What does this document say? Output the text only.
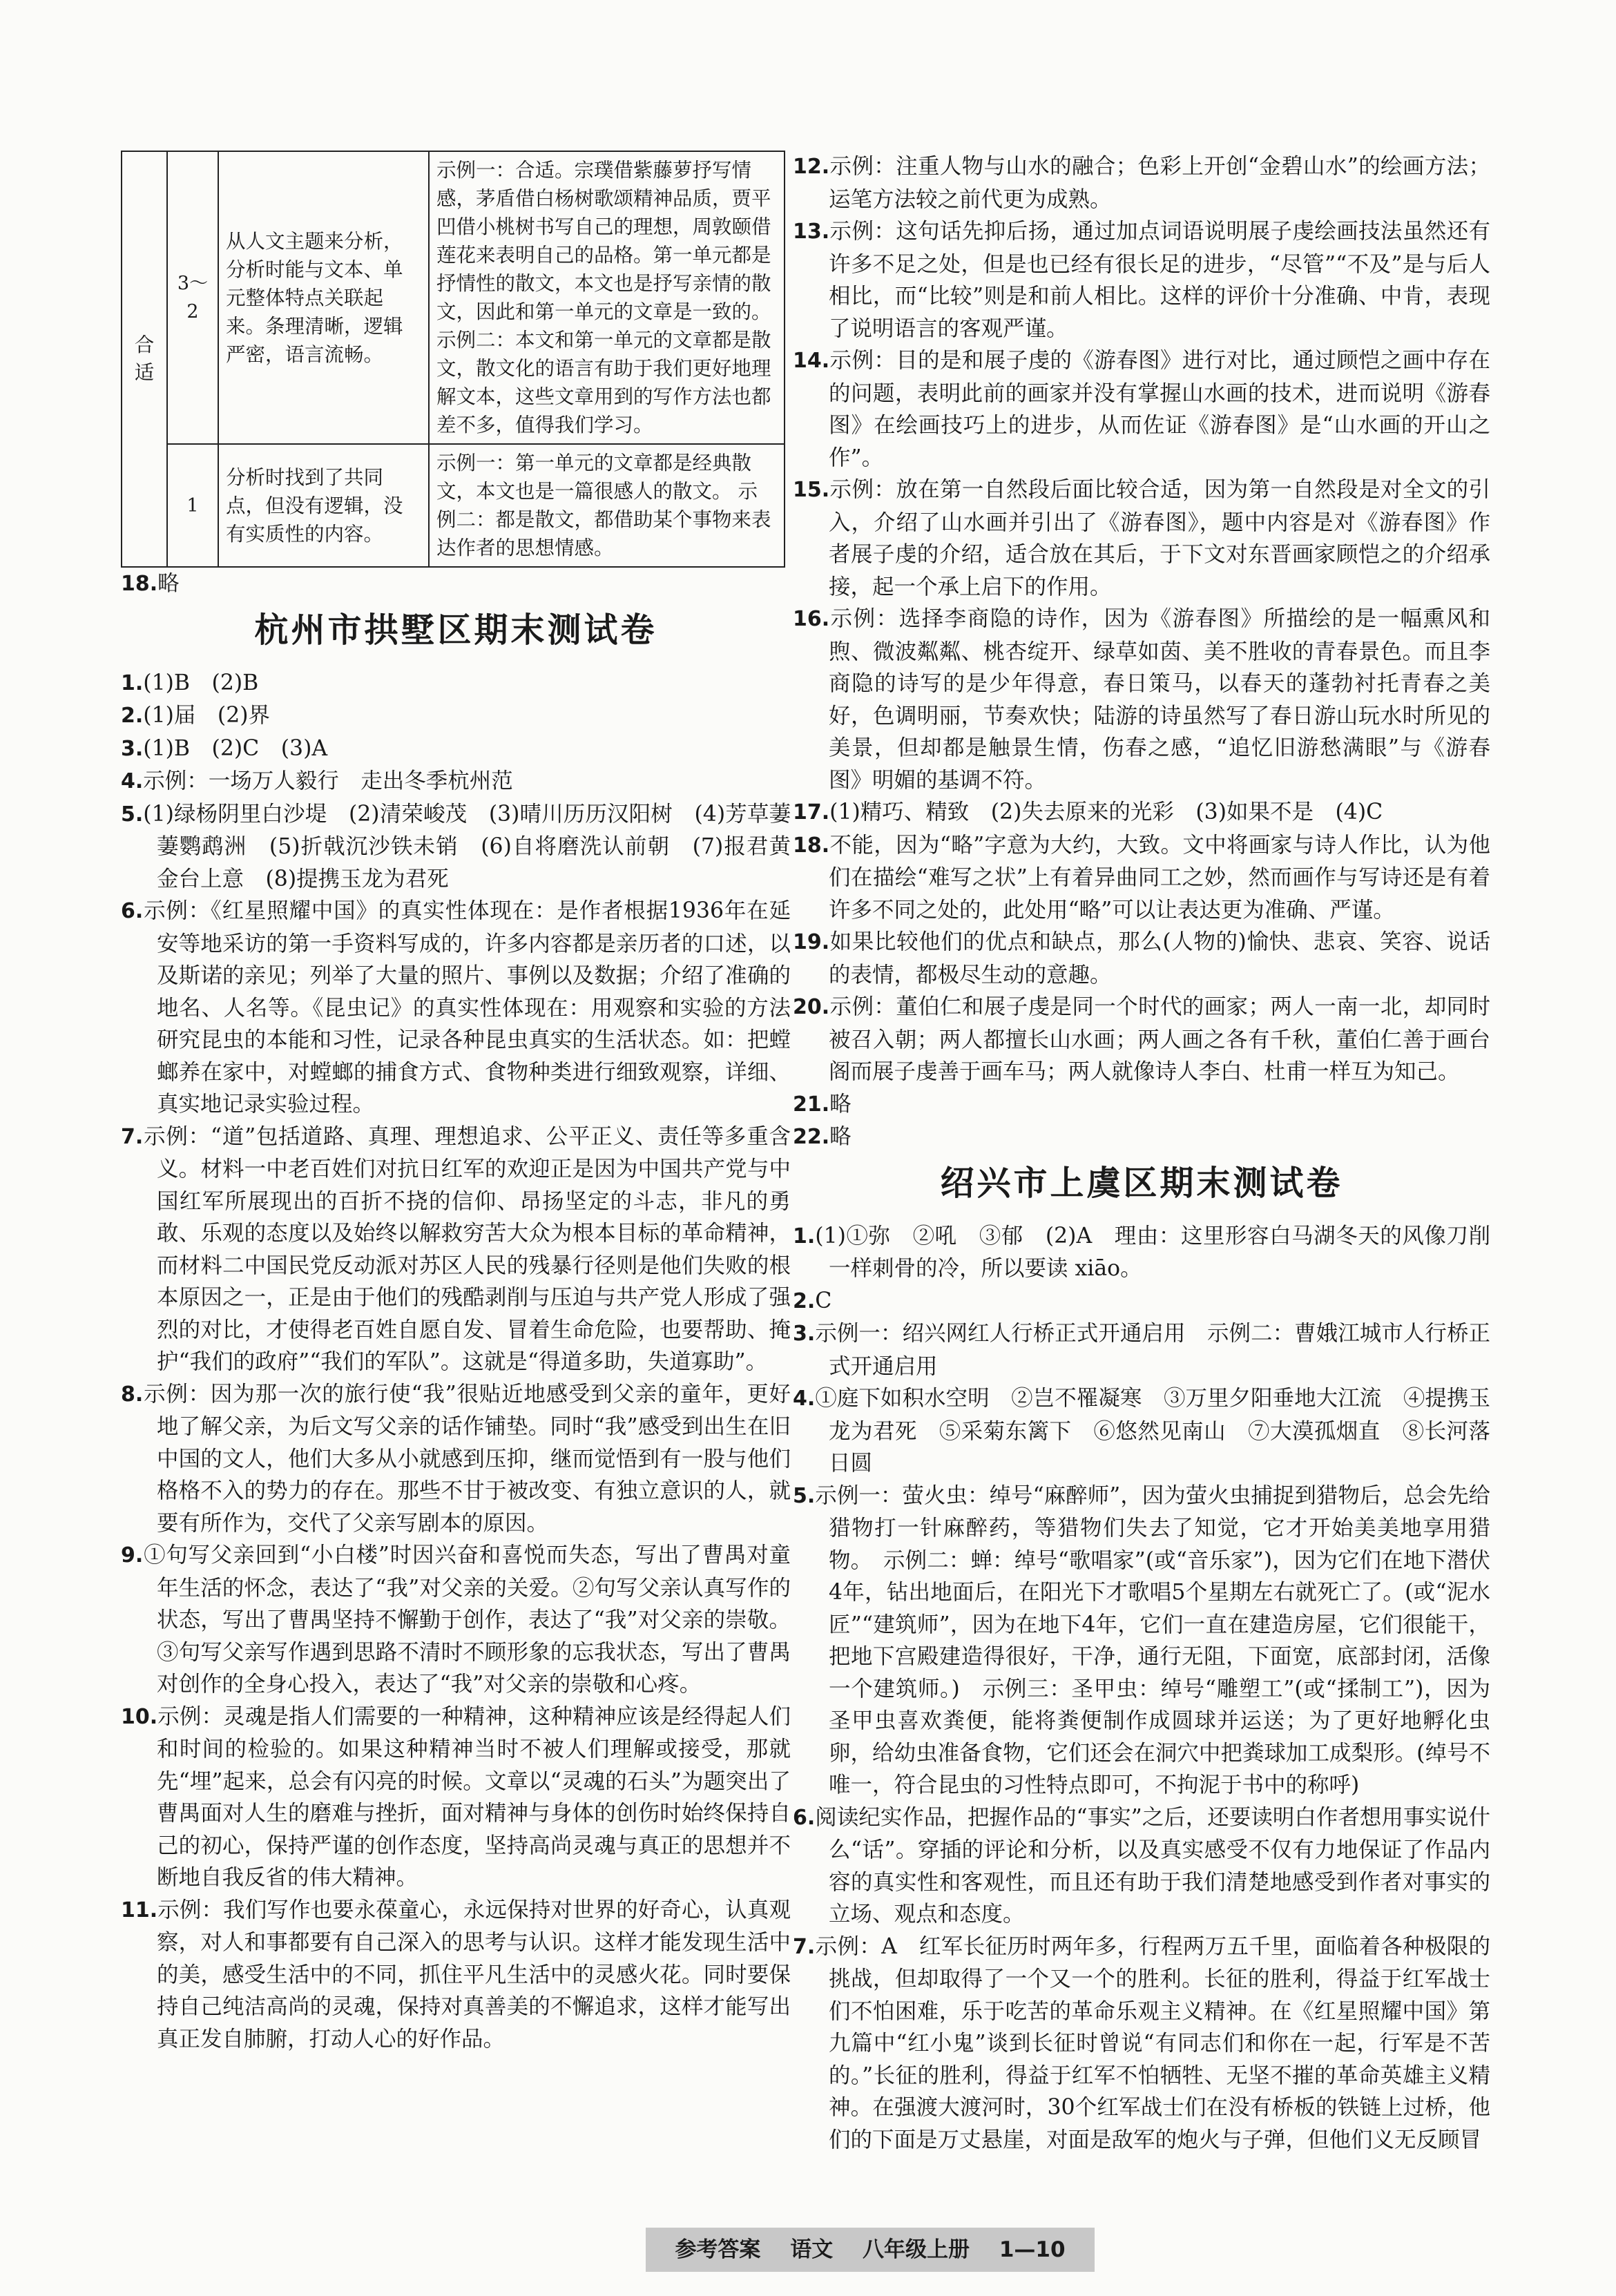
合
适	3～2	从人文主题来分析，分析时能与文本、单元整体特点关联起来。条理清晰，逻辑严密，语言流畅。	示例一：合适。宗璞借紫藤萝抒写情感，茅盾借白杨树歌颂精神品质，贾平凹借小桃树书写自己的理想，周敦颐借莲花来表明自己的品格。第一单元都是抒情性的散文，本文也是抒写亲情的散文，因此和第一单元的文章是一致的。 示例二：本文和第一单元的文章都是散文，散文化的语言有助于我们更好地理解文本，这些文章用到的写作方法也都差不多，值得我们学习。
	1	分析时找到了共同点，但没有逻辑，没有实质性的内容。	示例一：第一单元的文章都是经典散文，本文也是一篇很感人的散文。 示例二：都是散文，都借助某个事物来表达作者的思想情感。
18.略
杭州市拱墅区期末测试卷
1.(1)B　(2)B
2.(1)届　(2)界
3.(1)B　(2)C　(3)A
4.示例：一场万人毅行　走出冬季杭州范
5.(1)绿杨阴里白沙堤　(2)清荣峻茂　(3)晴川历历汉阳树　(4)芳草萋萋鹦鹉洲　(5)折戟沉沙铁未销　(6)自将磨洗认前朝　(7)报君黄金台上意　(8)提携玉龙为君死
6.示例：《红星照耀中国》的真实性体现在：是作者根据1936年在延安等地采访的第一手资料写成的，许多内容都是亲历者的口述，以及斯诺的亲见；列举了大量的照片、事例以及数据；介绍了准确的地名、人名等。《昆虫记》的真实性体现在：用观察和实验的方法研究昆虫的本能和习性，记录各种昆虫真实的生活状态。如：把螳螂养在家中，对螳螂的捕食方式、食物种类进行细致观察，详细、真实地记录实验过程。
7.示例：“道”包括道路、真理、理想追求、公平正义、责任等多重含义。材料一中老百姓们对抗日红军的欢迎正是因为中国共产党与中国红军所展现出的百折不挠的信仰、昂扬坚定的斗志，非凡的勇敢、乐观的态度以及始终以解救穷苦大众为根本目标的革命精神，而材料二中国民党反动派对苏区人民的残暴行径则是他们失败的根本原因之一，正是由于他们的残酷剥削与压迫与共产党人形成了强烈的对比，才使得老百姓自愿自发、冒着生命危险，也要帮助、掩护“我们的政府”“我们的军队”。这就是“得道多助，失道寡助”。
8.示例：因为那一次的旅行使“我”很贴近地感受到父亲的童年，更好地了解父亲，为后文写父亲的话作铺垫。同时“我”感受到出生在旧中国的文人，他们大多从小就感到压抑，继而觉悟到有一股与他们格格不入的势力的存在。那些不甘于被改变、有独立意识的人，就要有所作为，交代了父亲写剧本的原因。
9.①句写父亲回到“小白楼”时因兴奋和喜悦而失态，写出了曹禺对童年生活的怀念，表达了“我”对父亲的关爱。②句写父亲认真写作的状态，写出了曹禺坚持不懈勤于创作，表达了“我”对父亲的崇敬。③句写父亲写作遇到思路不清时不顾形象的忘我状态，写出了曹禺对创作的全身心投入，表达了“我”对父亲的崇敬和心疼。
10.示例：灵魂是指人们需要的一种精神，这种精神应该是经得起人们和时间的检验的。如果这种精神当时不被人们理解或接受，那就先“埋”起来，总会有闪亮的时候。文章以“灵魂的石头”为题突出了曹禺面对人生的磨难与挫折，面对精神与身体的创伤时始终保持自己的初心，保持严谨的创作态度，坚持高尚灵魂与真正的思想并不断地自我反省的伟大精神。
11.示例：我们写作也要永葆童心，永远保持对世界的好奇心，认真观察，对人和事都要有自己深入的思考与认识。这样才能发现生活中的美，感受生活中的不同，抓住平凡生活中的灵感火花。同时要保持自己纯洁高尚的灵魂，保持对真善美的不懈追求，这样才能写出真正发自肺腑，打动人心的好作品。
12.示例：注重人物与山水的融合；色彩上开创“金碧山水”的绘画方法；运笔方法较之前代更为成熟。
13.示例：这句话先抑后扬，通过加点词语说明展子虔绘画技法虽然还有许多不足之处，但是也已经有很长足的进步，“尽管”“不及”是与后人相比，而“比较”则是和前人相比。这样的评价十分准确、中肯，表现了说明语言的客观严谨。
14.示例：目的是和展子虔的《游春图》进行对比，通过顾恺之画中存在的问题，表明此前的画家并没有掌握山水画的技术，进而说明《游春图》在绘画技巧上的进步，从而佐证《游春图》是“山水画的开山之作”。
15.示例：放在第一自然段后面比较合适，因为第一自然段是对全文的引入，介绍了山水画并引出了《游春图》，题中内容是对《游春图》作者展子虔的介绍，适合放在其后，于下文对东晋画家顾恺之的介绍承接，起一个承上启下的作用。
16.示例：选择李商隐的诗作，因为《游春图》所描绘的是一幅熏风和煦、微波粼粼、桃杏绽开、绿草如茵、美不胜收的青春景色。而且李商隐的诗写的是少年得意，春日策马，以春天的蓬勃衬托青春之美好，色调明丽，节奏欢快；陆游的诗虽然写了春日游山玩水时所见的美景，但却都是触景生情，伤春之感，“追忆旧游愁满眼”与《游春图》明媚的基调不符。
17.(1)精巧、精致　(2)失去原来的光彩　(3)如果不是　(4)C
18.不能，因为“略”字意为大约，大致。文中将画家与诗人作比，认为他们在描绘“难写之状”上有着异曲同工之妙，然而画作与写诗还是有着许多不同之处的，此处用“略”可以让表达更为准确、严谨。
19.如果比较他们的优点和缺点，那么(人物的)愉快、悲哀、笑容、说话的表情，都极尽生动的意趣。
20.示例：董伯仁和展子虔是同一个时代的画家；两人一南一北，却同时被召入朝；两人都擅长山水画；两人画之各有千秋，董伯仁善于画台阁而展子虔善于画车马；两人就像诗人李白、杜甫一样互为知己。
21.略
22.略
绍兴市上虞区期末测试卷
1.(1)①弥　②吼　③郁　(2)A　理由：这里形容白马湖冬天的风像刀削一样刺骨的冷，所以要读 xiāo。
2.C
3.示例一：绍兴网红人行桥正式开通启用　示例二：曹娥江城市人行桥正式开通启用
4.①庭下如积水空明　②岂不罹凝寒　③万里夕阳垂地大江流　④提携玉龙为君死　⑤采菊东篱下　⑥悠然见南山　⑦大漠孤烟直　⑧长河落日圆
5.示例一：萤火虫：绰号“麻醉师”，因为萤火虫捕捉到猎物后，总会先给猎物打一针麻醉药，等猎物们失去了知觉，它才开始美美地享用猎物。　示例二：蝉：绰号“歌唱家”(或“音乐家”)，因为它们在地下潜伏4年，钻出地面后，在阳光下才歌唱5个星期左右就死亡了。(或“泥水匠”“建筑师”，因为在地下4年，它们一直在建造房屋，它们很能干，把地下宫殿建造得很好，干净，通行无阻，下面宽，底部封闭，活像一个建筑师。)　示例三：圣甲虫：绰号“雕塑工”(或“揉制工”)，因为圣甲虫喜欢粪便，能将粪便制作成圆球并运送；为了更好地孵化虫卵，给幼虫准备食物，它们还会在洞穴中把粪球加工成梨形。(绰号不唯一，符合昆虫的习性特点即可，不拘泥于书中的称呼)
6.阅读纪实作品，把握作品的“事实”之后，还要读明白作者想用事实说什么“话”。穿插的评论和分析，以及真实感受不仅有力地保证了作品内容的真实性和客观性，而且还有助于我们清楚地感受到作者对事实的立场、观点和态度。
7.示例：A　红军长征历时两年多，行程两万五千里，面临着各种极限的挑战，但却取得了一个又一个的胜利。长征的胜利，得益于红军战士们不怕困难，乐于吃苦的革命乐观主义精神。在《红星照耀中国》第九篇中“红小鬼”谈到长征时曾说“有同志们和你在一起，行军是不苦的。”长征的胜利，得益于红军不怕牺牲、无坚不摧的革命英雄主义精神。在强渡大渡河时，30个红军战士们在没有桥板的铁链上过桥，他们的下面是万丈悬崖，对面是敌军的炮火与子弹，但他们义无反顾冒
参考答案 语文 八年级上册 1—10
